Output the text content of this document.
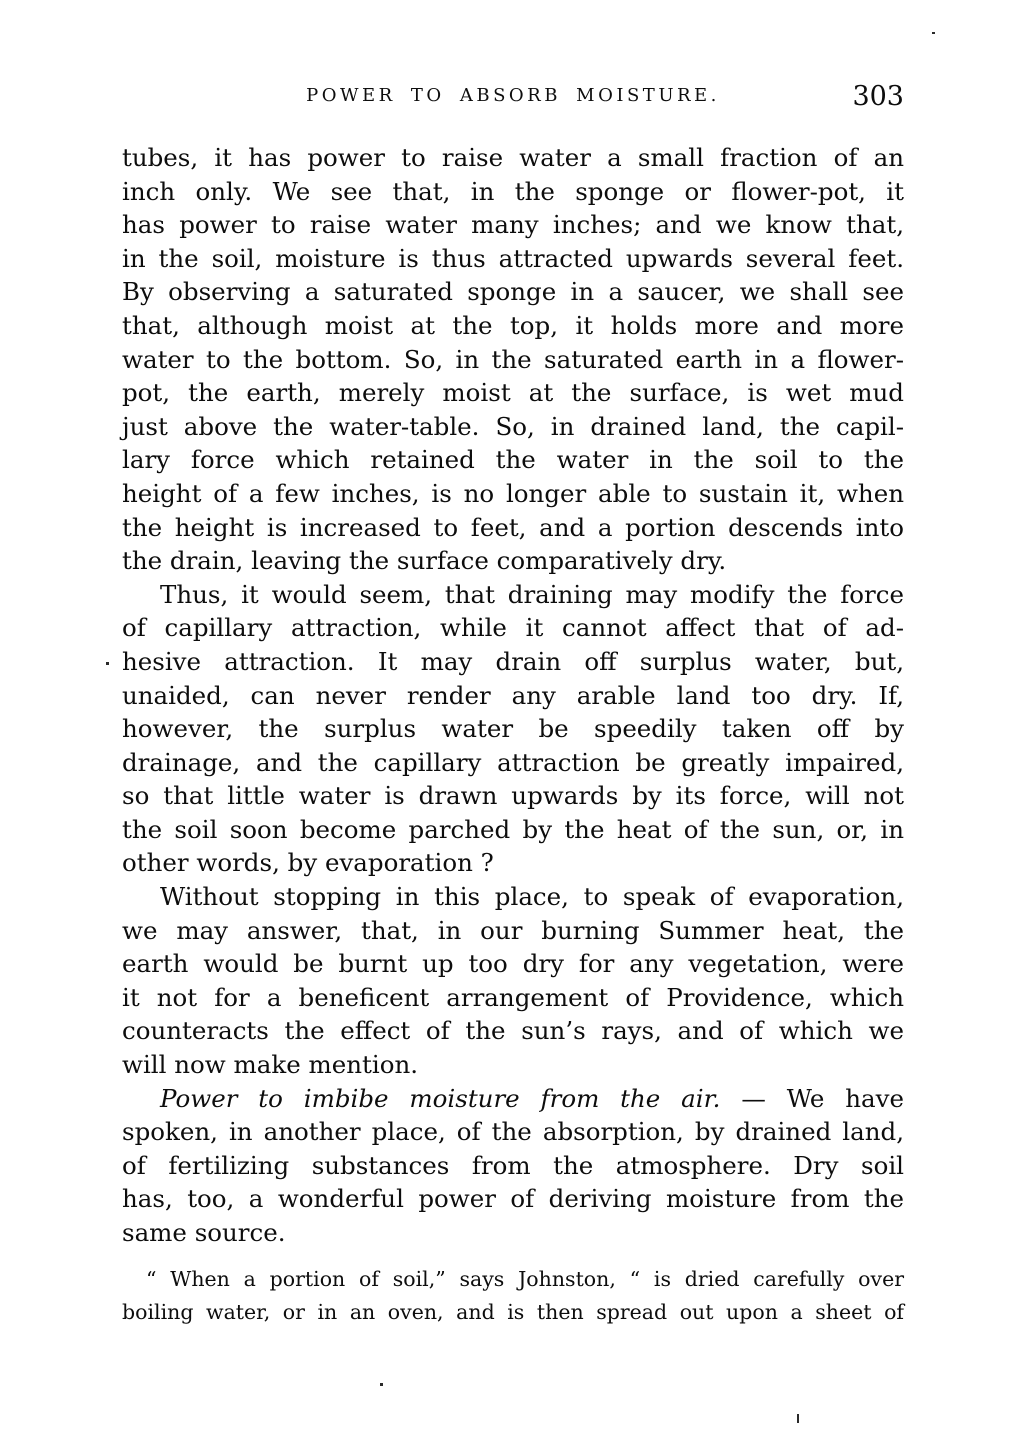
POWER TO ABSORB MOISTURE.	303
tubes, it has power to raise water a small fraction of an
inch only. We see that, in the sponge or flower-pot, it
has power to raise water many inches; and we know that,
in the soil, moisture is thus attracted upwards several feet.
By observing a saturated sponge in a saucer, we shall see
that, although moist at the top, it holds more and more
water to the bottom. So, in the saturated earth in a flower-
pot, the earth, merely moist at the surface, is wet mud
just above the water-table. So, in drained land, the capil-
lary force which retained the water in the soil to the
height of a few inches, is no longer able to sustain it, when
the height is increased to feet, and a portion descends into
the drain, leaving the surface comparatively dry.
Thus, it would seem, that draining may modify the force
of capillary attraction, while it cannot affect that of ad-
hesive attraction. It may drain off surplus water, but,
unaided, can never render any arable land too dry. If,
however, the surplus water be speedily taken off by
drainage, and the capillary attraction be greatly impaired,
so that little water is drawn upwards by its force, will not
the soil soon become parched by the heat of the sun, or, in
other words, by evaporation ?
Without stopping in this place, to speak of evaporation,
we may answer, that, in our burning Summer heat, the
earth would be burnt up too dry for any vegetation, were
it not for a beneficent arrangement of Providence, which
counteracts the effect of the sun’s rays, and of which we
will now make mention.
Power to imbibe moisture from the air. — We have
spoken, in another place, of the absorption, by drained land,
of fertilizing substances from the atmosphere. Dry soil
has, too, a wonderful power of deriving moisture from the
same source.
“ When a portion of soil,” says Johnston, “ is dried carefully over
boiling water, or in an oven, and is then spread out upon a sheet of
